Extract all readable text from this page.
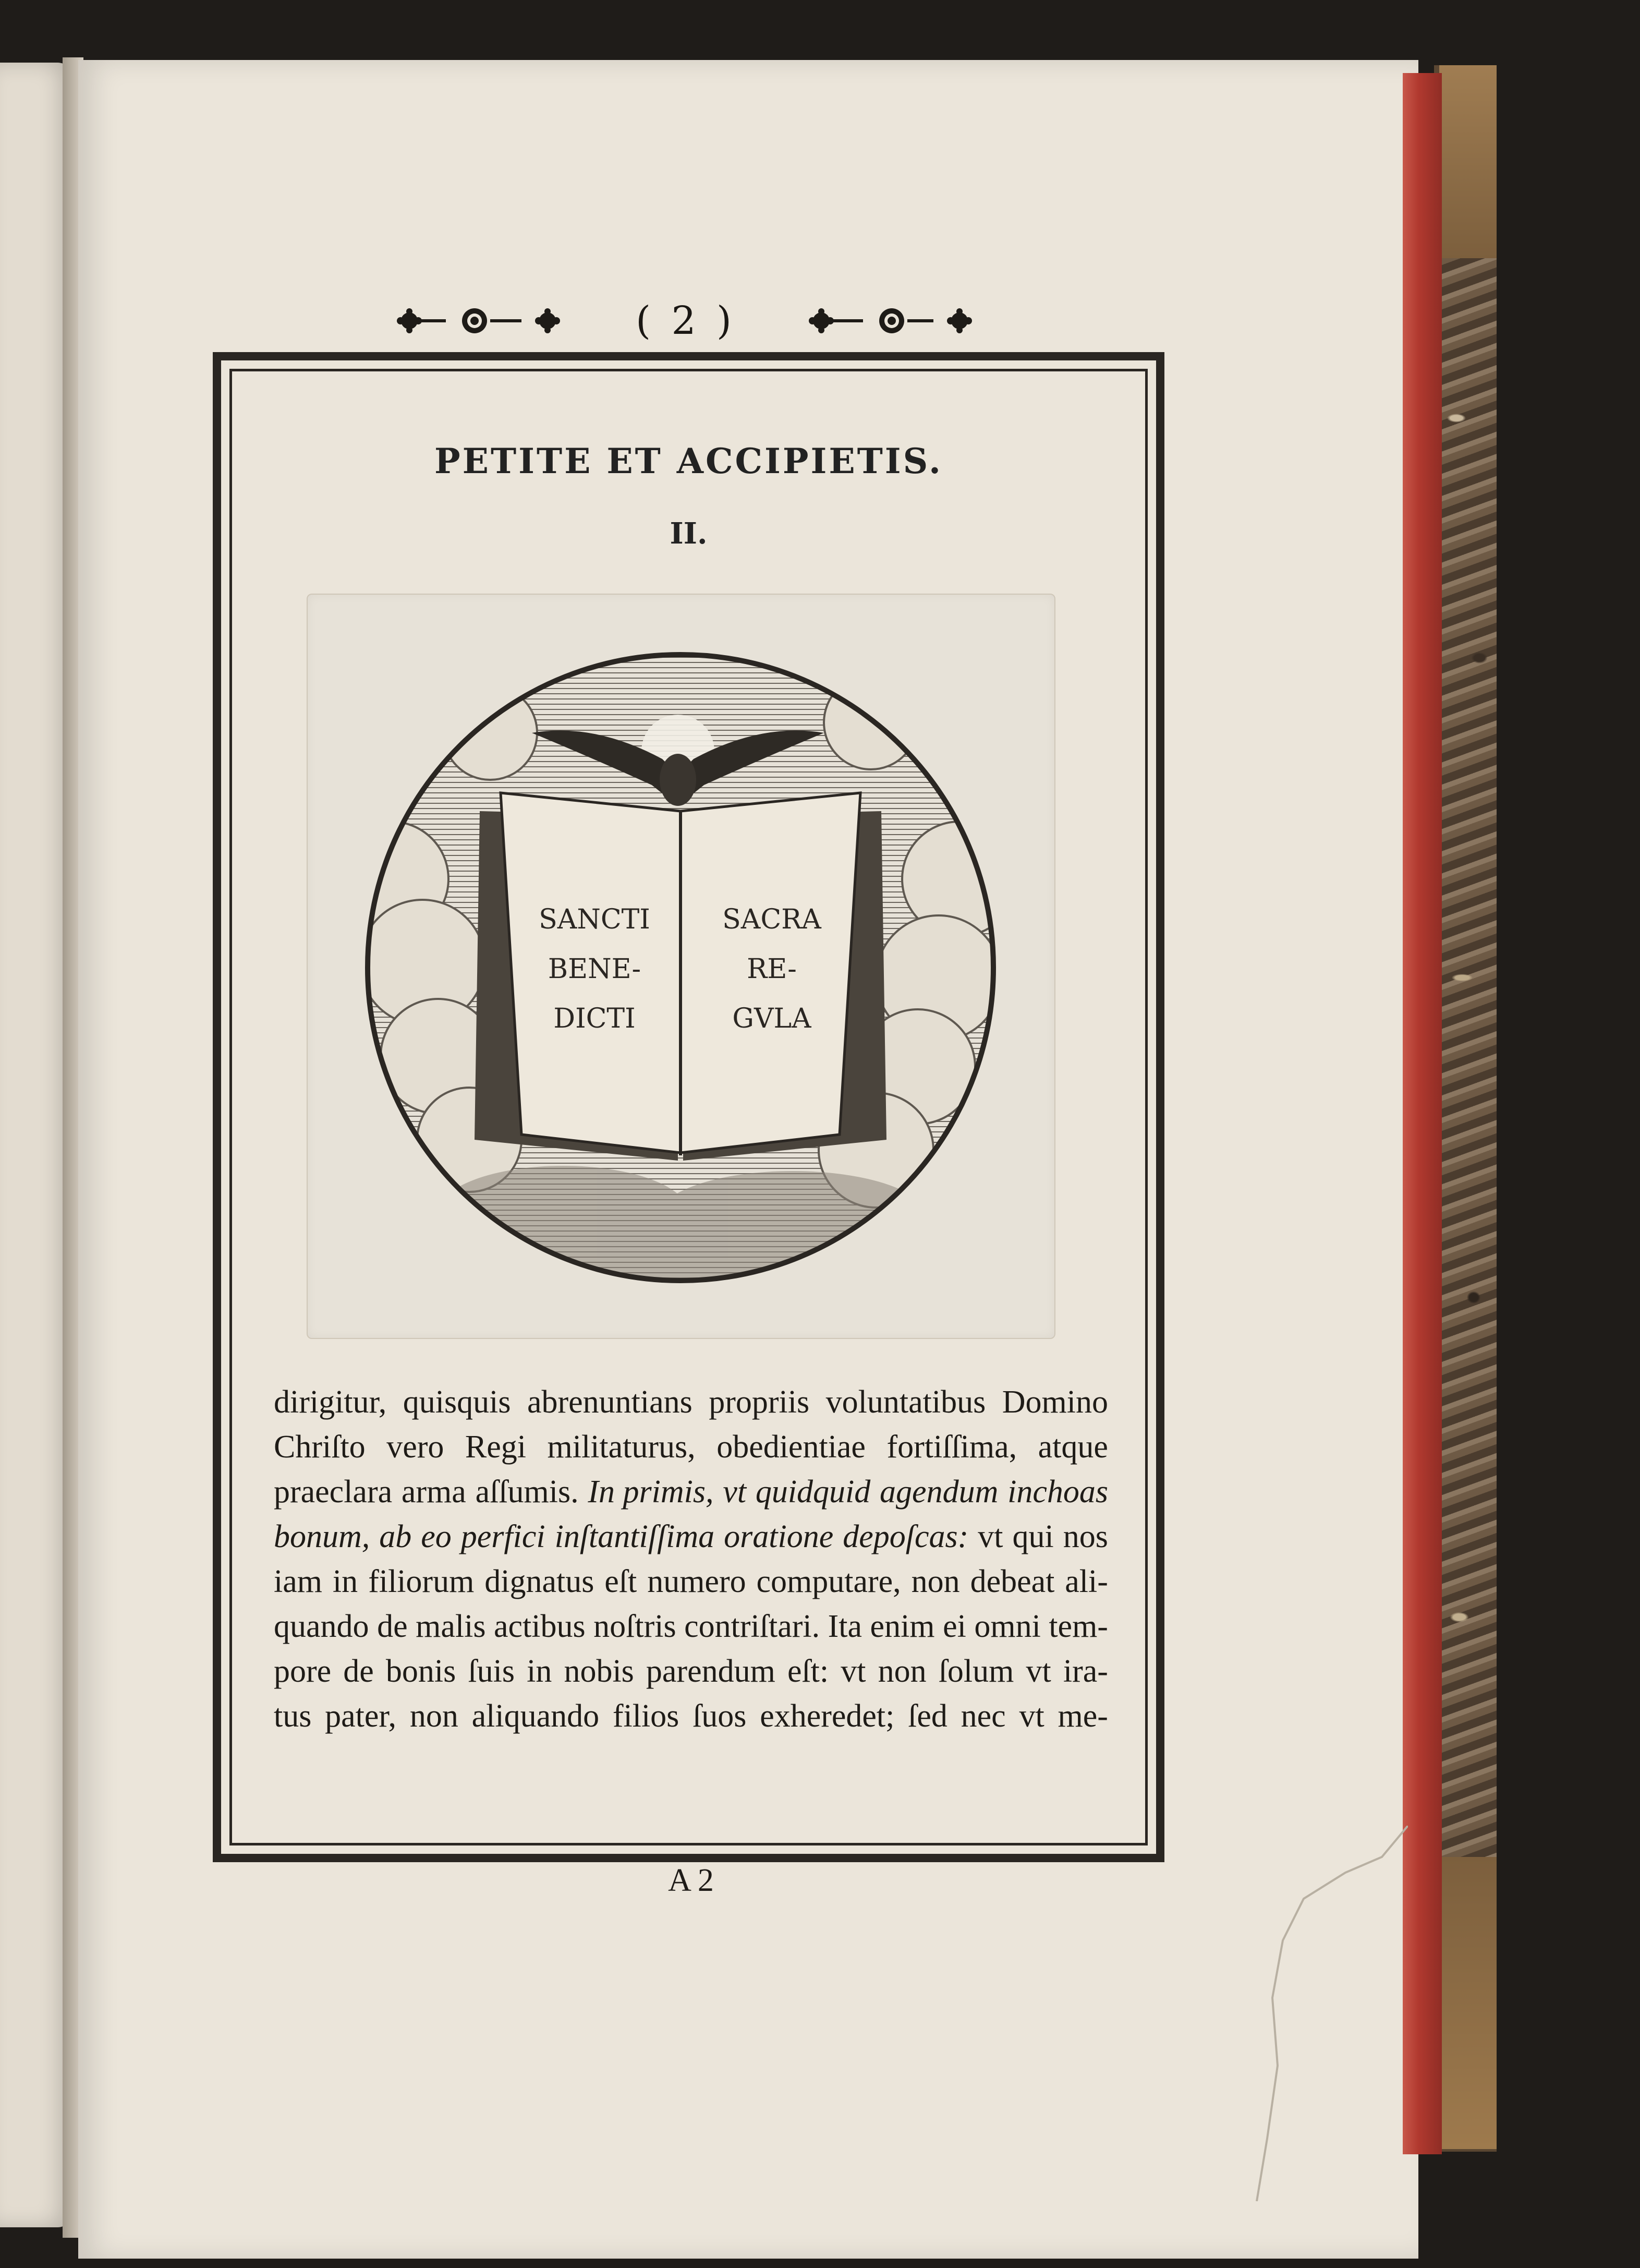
( 2 )
PETITE ET ACCIPIETIS.
II.
SANCTI
BENE-
DICTI
SACRA
RE-
GVLA
dirigitur, quisquis abrenuntians propriis voluntatibus Domino
Chriſto vero Regi militaturus, obedientiae fortiſſima, atque
praeclara arma aſſumis. In primis, vt quidquid agendum inchoas
bonum, ab eo perfici inſtantiſſima oratione depoſcas: vt qui nos
iam in filiorum dignatus eſt numero computare, non debeat ali-
quando de malis actibus noſtris contriſtari. Ita enim ei omni tem-
pore de bonis ſuis in nobis parendum eſt: vt non ſolum vt ira-
tus pater, non aliquando filios ſuos exheredet; ſed nec vt me-
A 2
